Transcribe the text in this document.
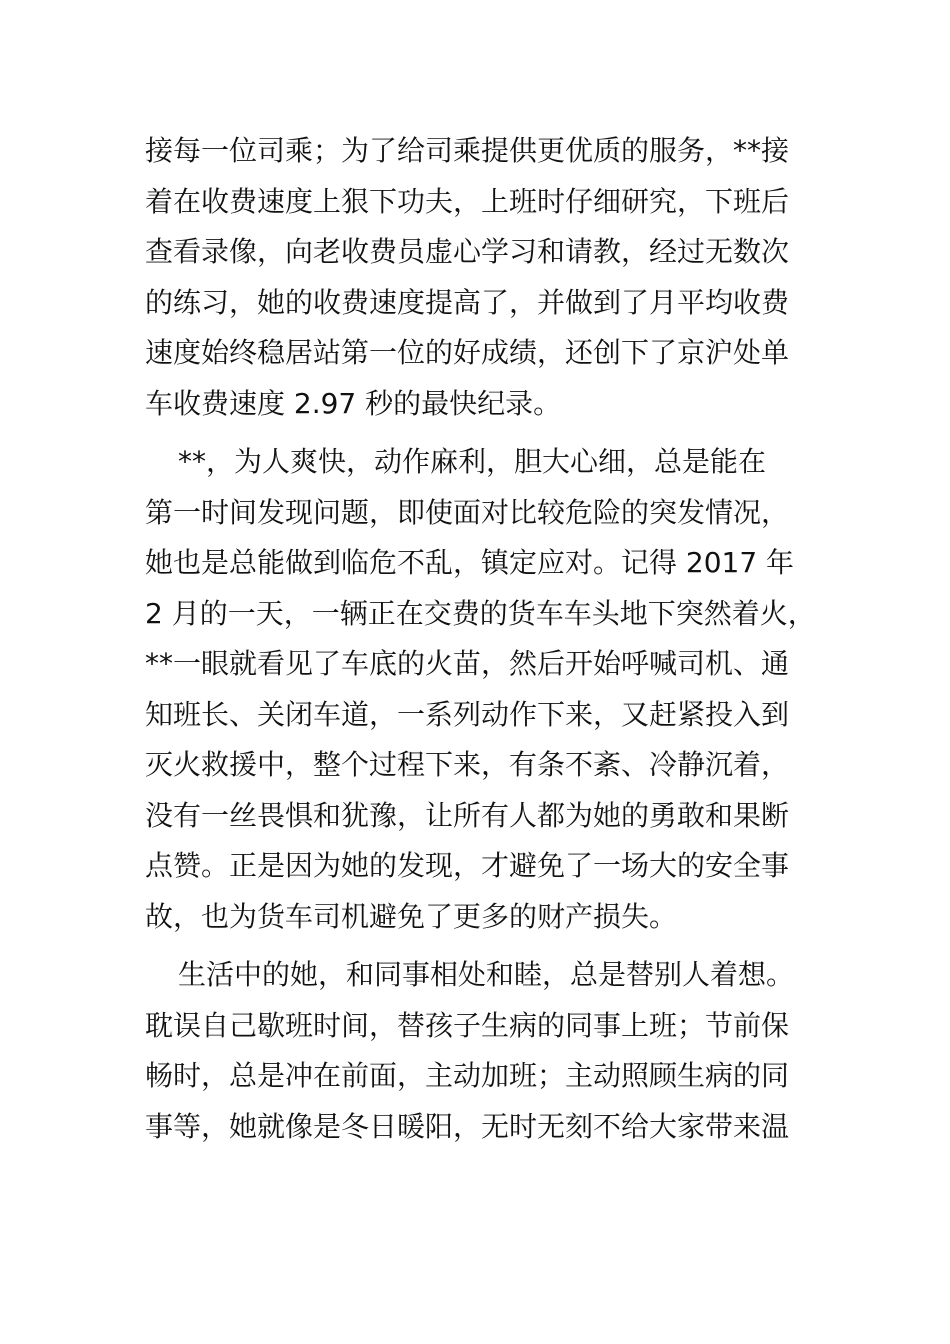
接每一位司乘；为了给司乘提供更优质的服务，**接
着在收费速度上狠下功夫，上班时仔细研究，下班后
查看录像，向老收费员虚心学习和请教，经过无数次
的练习，她的收费速度提高了，并做到了月平均收费
速度始终稳居站第一位的好成绩，还创下了京沪处单
车收费速度 2.97 秒的最快纪录。
**，为人爽快，动作麻利，胆大心细，总是能在
第一时间发现问题，即使面对比较危险的突发情况，
她也是总能做到临危不乱，镇定应对。记得 2017 年
2 月的一天，一辆正在交费的货车车头地下突然着火，
**一眼就看见了车底的火苗，然后开始呼喊司机、通
知班长、关闭车道，一系列动作下来，又赶紧投入到
灭火救援中，整个过程下来，有条不紊、冷静沉着，
没有一丝畏惧和犹豫，让所有人都为她的勇敢和果断
点赞。正是因为她的发现，才避免了一场大的安全事
故，也为货车司机避免了更多的财产损失。
生活中的她，和同事相处和睦，总是替别人着想。
耽误自己歇班时间，替孩子生病的同事上班；节前保
畅时，总是冲在前面，主动加班；主动照顾生病的同
事等，她就像是冬日暖阳，无时无刻不给大家带来温
